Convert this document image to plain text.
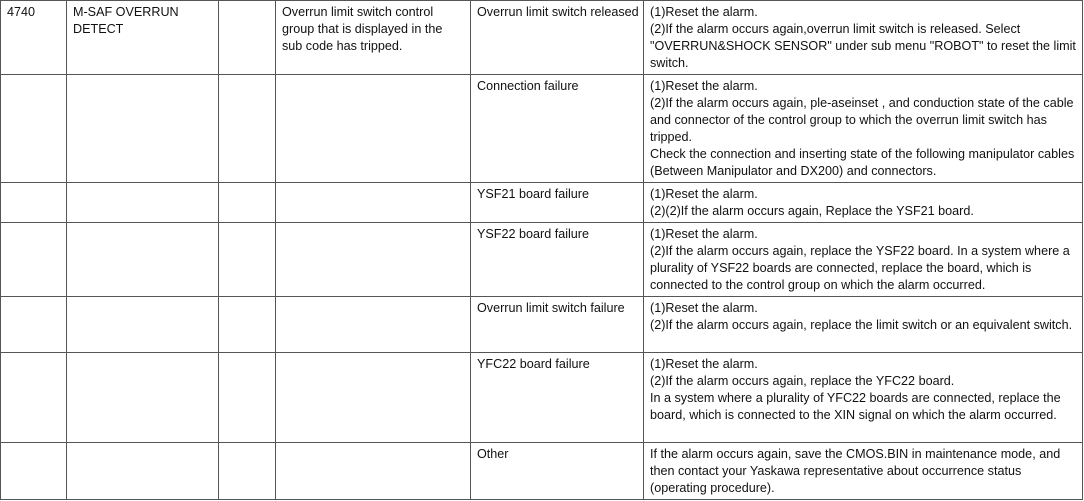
4740	M-SAF OVERRUN DETECT		Overrun limit switch control group that is displayed in the sub code has tripped.	Overrun limit switch released	(1)Reset the alarm.
(2)If the alarm occurs again,overrun limit switch is released. Select "OVERRUN&SHOCK SENSOR" under sub menu "ROBOT" to reset the limit switch.

				Connection failure	(1)Reset the alarm.
(2)If the alarm occurs again, ple-aseinset , and conduction state of the cable and connector of the control group to which the overrun limit switch has tripped.
Check the connection and inserting state of the following manipulator cables (Between Manipulator and DX200) and connectors.

				YSF21 board failure	(1)Reset the alarm.
(2)(2)If the alarm occurs again, Replace the YSF21 board.

				YSF22 board failure	(1)Reset the alarm.
(2)If the alarm occurs again, replace the YSF22 board. In a system where a plurality of YSF22 boards are connected, replace the board, which is connected to the control group on which the alarm occurred.

				Overrun limit switch failure	(1)Reset the alarm.
(2)If the alarm occurs again, replace the limit switch or an equivalent switch.

				YFC22 board failure	(1)Reset the alarm.
(2)If the alarm occurs again, replace the YFC22 board.
In a system where a plurality of YFC22 boards are connected, replace the board, which is connected to the XIN signal on which the alarm occurred.

				Other	If the alarm occurs again, save the CMOS.BIN in maintenance mode, and then contact your Yaskawa representative about occurrence status (operating procedure).
